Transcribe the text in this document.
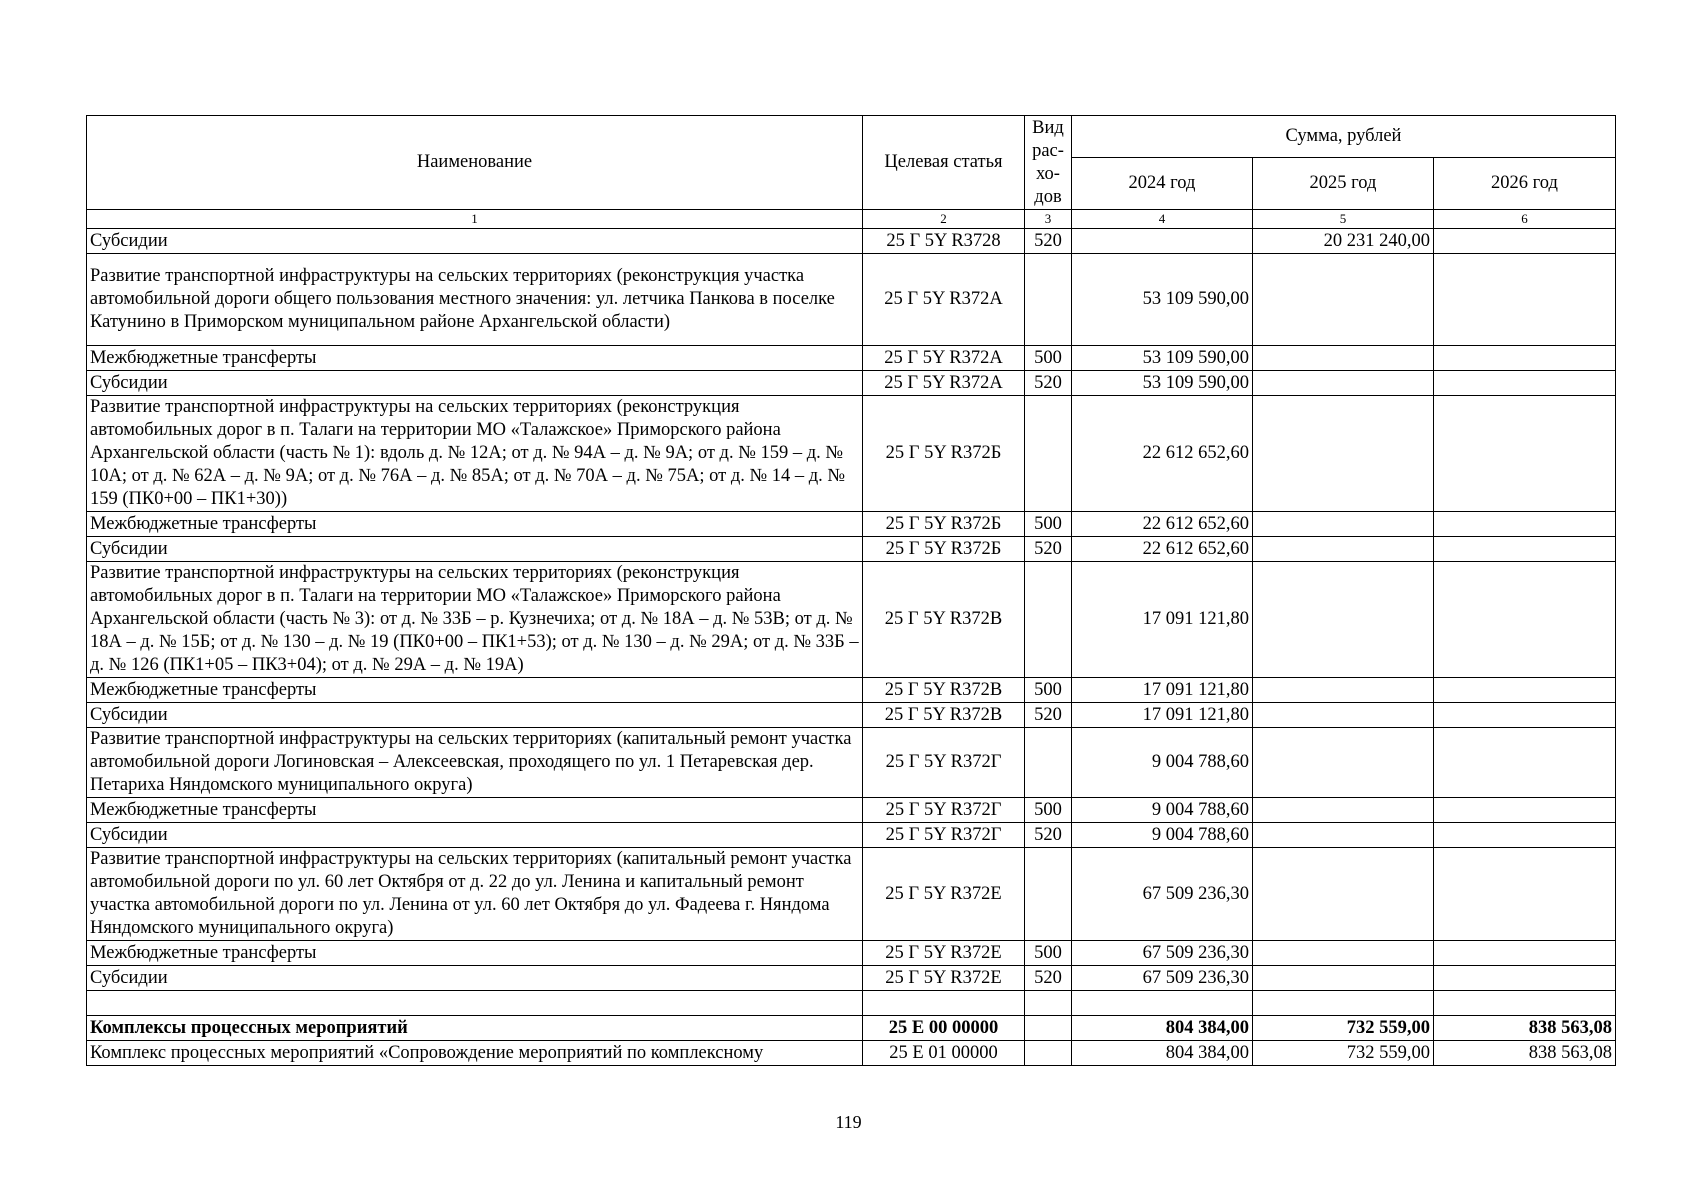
Наименование	Целевая статья	Вид рас-хо-дов	Сумма, рублей		
			2024 год	2025 год	2026 год
1	2	3	4	5	6
Субсидии	25 Г 5Y R3728	520		20 231 240,00	
Развитие транспортной инфраструктуры на сельских территориях (реконструкция участка автомобильной дороги общего пользования местного значения: ул. летчика Панкова в поселке Катунино в Приморском муниципальном районе Архангельской области)	25 Г 5Y R372А		53 109 590,00		
Межбюджетные трансферты	25 Г 5Y R372А	500	53 109 590,00		
Субсидии	25 Г 5Y R372А	520	53 109 590,00		
Развитие транспортной инфраструктуры на сельских территориях (реконструкция автомобильных дорог в п. Талаги на территории МО «Талажское» Приморского района Архангельской области (часть № 1): вдоль д. № 12А; от д. № 94А – д. № 9А; от д. № 159 – д. № 10А; от д. № 62А – д. № 9А; от д. № 76А – д. № 85А; от д. № 70А – д. № 75А; от д. № 14 – д. № 159 (ПК0+00 – ПК1+30))	25 Г 5Y R372Б		22 612 652,60		
Межбюджетные трансферты	25 Г 5Y R372Б	500	22 612 652,60		
Субсидии	25 Г 5Y R372Б	520	22 612 652,60		
Развитие транспортной инфраструктуры на сельских территориях (реконструкция автомобильных дорог в п. Талаги на территории МО «Талажское» Приморского района Архангельской области (часть № 3): от д. № 33Б – р. Кузнечиха; от д. № 18А – д. № 53В; от д. № 18А – д. № 15Б; от д. № 130 – д. № 19 (ПК0+00 – ПК1+53); от д. № 130 – д. № 29А; от д. № 33Б – д. № 126 (ПК1+05 – ПК3+04); от д. № 29А – д. № 19А)	25 Г 5Y R372В		17 091 121,80		
Межбюджетные трансферты	25 Г 5Y R372В	500	17 091 121,80		
Субсидии	25 Г 5Y R372В	520	17 091 121,80		
Развитие транспортной инфраструктуры на сельских территориях (капитальный ремонт участка автомобильной дороги Логиновская – Алексеевская, проходящего по ул. 1 Петаревская дер. Петариха Няндомского муниципального округа)	25 Г 5Y R372Г		9 004 788,60		
Межбюджетные трансферты	25 Г 5Y R372Г	500	9 004 788,60		
Субсидии	25 Г 5Y R372Г	520	9 004 788,60		
Развитие транспортной инфраструктуры на сельских территориях (капитальный ремонт участка автомобильной дороги по ул. 60 лет Октября от д. 22 до ул. Ленина и капитальный ремонт участка автомобильной дороги по ул. Ленина от ул. 60 лет Октября до ул. Фадеева г. Няндома Няндомского муниципального округа)	25 Г 5Y R372Е		67 509 236,30		
Межбюджетные трансферты	25 Г 5Y R372Е	500	67 509 236,30		
Субсидии	25 Г 5Y R372Е	520	67 509 236,30		

Комплексы процессных мероприятий	25 Е 00 00000		804 384,00	732 559,00	838 563,08
Комплекс процессных мероприятий «Сопровождение мероприятий по комплексному	25 Е 01 00000		804 384,00	732 559,00	838 563,08
119
